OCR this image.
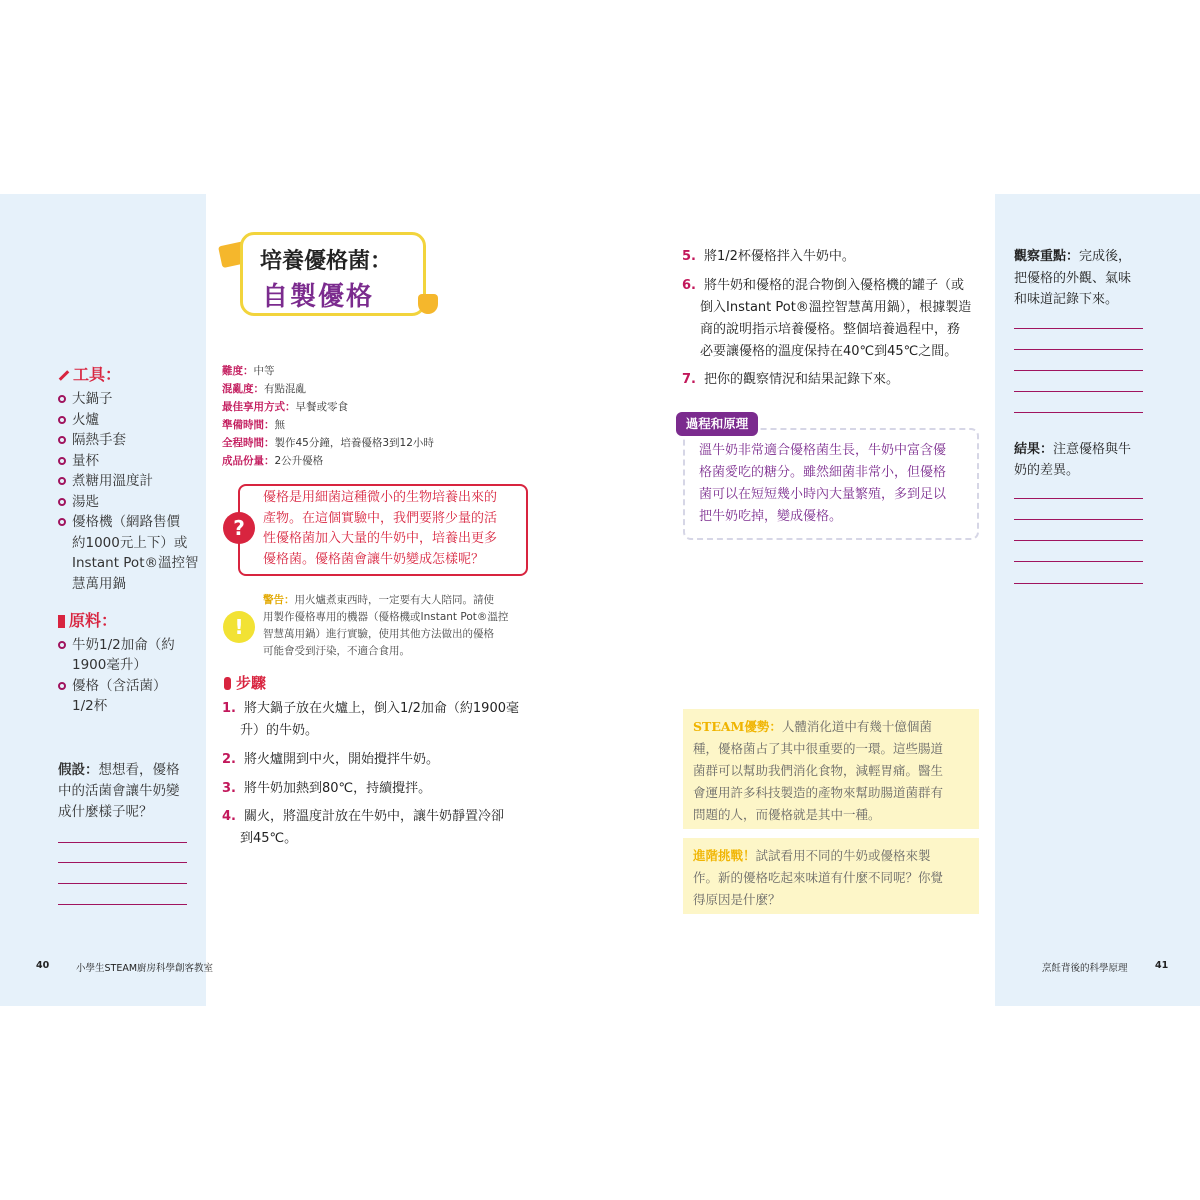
培養優格菌：
自製優格
工具：
大鍋子
火爐
隔熱手套
量杯
煮糖用溫度計
湯匙
優格機（網路售價
約1000元上下）或
Instant Pot®溫控智
慧萬用鍋
原料：
牛奶1/2加侖（約
1900毫升）
優格（含活菌）
1/2杯
假設：想想看，優格
中的活菌會讓牛奶變
成什麼樣子呢？
難度：中等
混亂度：有點混亂
最佳享用方式：早餐或零食
準備時間：無
全程時間：製作45分鐘，培養優格3到12小時
成品份量：2公升優格
?
優格是用細菌這種微小的生物培養出來的
產物。在這個實驗中，我們要將少量的活
性優格菌加入大量的牛奶中，培養出更多
優格菌。優格菌會讓牛奶變成怎樣呢？
!
警告：用火爐煮東西時，一定要有大人陪同。請使
用製作優格專用的機器（優格機或Instant Pot®溫控
智慧萬用鍋）進行實驗，使用其他方法做出的優格
可能會受到汙染，不適合食用。
步驟
1. 將大鍋子放在火爐上，倒入1/2加侖（約1900毫
升）的牛奶。
2. 將火爐開到中火，開始攪拌牛奶。
3. 將牛奶加熱到80℃，持續攪拌。
4. 關火，將溫度計放在牛奶中，讓牛奶靜置冷卻
到45℃。
5. 將1/2杯優格拌入牛奶中。
6. 將牛奶和優格的混合物倒入優格機的罐子（或
倒入Instant Pot®溫控智慧萬用鍋），根據製造
商的說明指示培養優格。整個培養過程中，務
必要讓優格的溫度保持在40℃到45℃之間。
7. 把你的觀察情況和結果記錄下來。
過程和原理
溫牛奶非常適合優格菌生長，牛奶中富含優
格菌愛吃的糖分。雖然細菌非常小，但優格
菌可以在短短幾小時內大量繁殖，多到足以
把牛奶吃掉，變成優格。
STEAM優勢：人體消化道中有幾十億個菌
種，優格菌占了其中很重要的一環。這些腸道
菌群可以幫助我們消化食物，減輕胃痛。醫生
會運用許多科技製造的產物來幫助腸道菌群有
問題的人，而優格就是其中一種。
進階挑戰！試試看用不同的牛奶或優格來製
作。新的優格吃起來味道有什麼不同呢？你覺
得原因是什麼？
觀察重點：完成後，
把優格的外觀、氣味
和味道記錄下來。
結果：注意優格與牛
奶的差異。
40	小學生STEAM廚房科學創客教室	烹飪背後的科學原理	41
